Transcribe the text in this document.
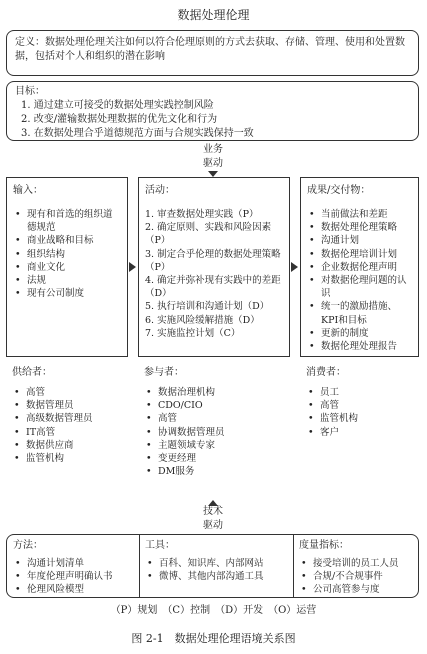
数据处理伦理
定义：数据处理伦理关注如何以符合伦理原则的方式去获取、存储、管理、使用和处置数据，包括对个人和组织的潜在影响
目标：
1. 通过建立可接受的数据处理实践控制风险
2. 改变/灌输数据处理数据的优先文化和行为
3. 在数据处理合乎道德规范方面与合规实践保持一致
业务
驱动
输入：
• 现有和首选的组织道德规范
• 商业战略和目标
• 组织结构
• 商业文化
• 法规
• 现有公司制度
活动：
1. 审查数据处理实践（P）
2. 确定原则、实践和风险因素（P）
3. 制定合乎伦理的数据处理策略（P）
4. 确定并弥补现有实践中的差距（D）
5. 执行培训和沟通计划（D）
6. 实施风险缓解措施（D）
7. 实施监控计划（C）
成果/交付物：
• 当前做法和差距
• 数据处理伦理策略
• 沟通计划
• 数据伦理培训计划
• 企业数据伦理声明
• 对数据伦理问题的认识
• 统一的激励措施、KPI和目标
• 更新的制度
• 数据伦理处理报告
供给者：
• 高管
• 数据管理员
• 高级数据管理员
• IT高管
• 数据供应商
• 监管机构
参与者：
• 数据治理机构
• CDO/CIO
• 高管
• 协调数据管理员
• 主题领域专家
• 变更经理
• DM服务
消费者：
• 员工
• 高管
• 监管机构
• 客户
技术
驱动
方法：
• 沟通计划清单
• 年度伦理声明确认书
• 伦理风险模型
工具：
• 百科、知识库、内部网站
• 微博、其他内部沟通工具
度量指标：
• 接受培训的员工人员
• 合规/不合规事件
• 公司高管参与度
（P）规划　（C）控制　（D）开发　（O）运营
图 2-1　数据处理伦理语境关系图
